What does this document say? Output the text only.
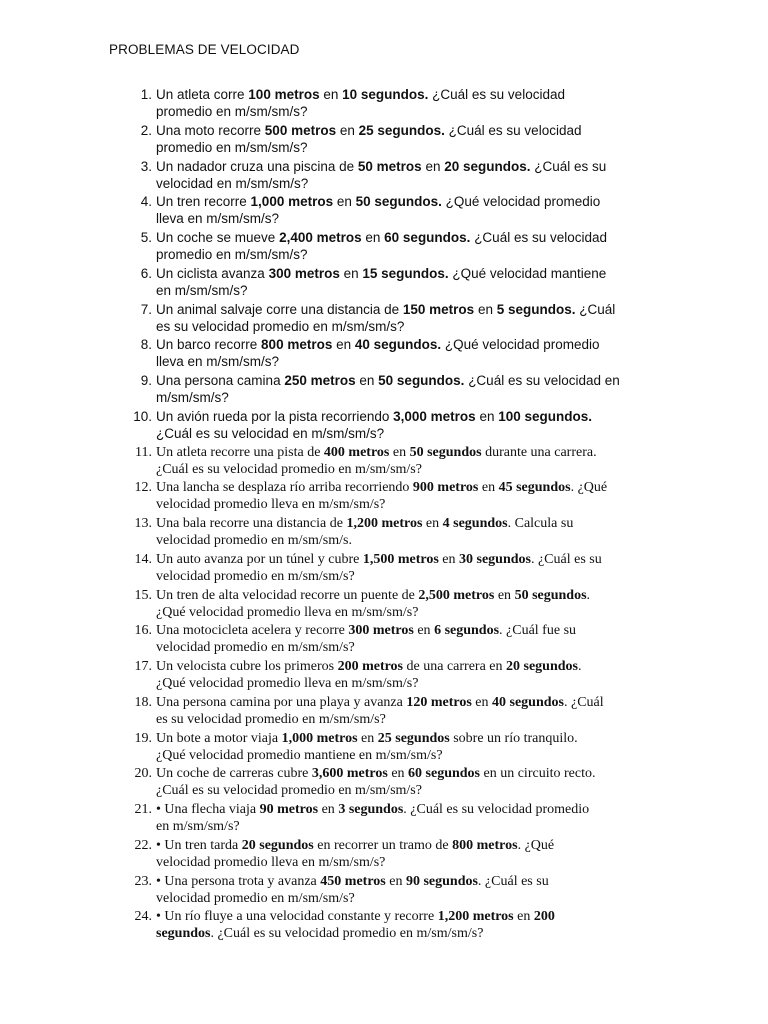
PROBLEMAS DE VELOCIDAD
1. Un atleta corre 100 metros en 10 segundos. ¿Cuál es su velocidad
promedio en m/sm/sm/s?
2. Una moto recorre 500 metros en 25 segundos. ¿Cuál es su velocidad
promedio en m/sm/sm/s?
3. Un nadador cruza una piscina de 50 metros en 20 segundos. ¿Cuál es su
velocidad en m/sm/sm/s?
4. Un tren recorre 1,000 metros en 50 segundos. ¿Qué velocidad promedio
lleva en m/sm/sm/s?
5. Un coche se mueve 2,400 metros en 60 segundos. ¿Cuál es su velocidad
promedio en m/sm/sm/s?
6. Un ciclista avanza 300 metros en 15 segundos. ¿Qué velocidad mantiene
en m/sm/sm/s?
7. Un animal salvaje corre una distancia de 150 metros en 5 segundos. ¿Cuál
es su velocidad promedio en m/sm/sm/s?
8. Un barco recorre 800 metros en 40 segundos. ¿Qué velocidad promedio
lleva en m/sm/sm/s?
9. Una persona camina 250 metros en 50 segundos. ¿Cuál es su velocidad en
m/sm/sm/s?
10. Un avión rueda por la pista recorriendo 3,000 metros en 100 segundos.
¿Cuál es su velocidad en m/sm/sm/s?
11. Un atleta recorre una pista de 400 metros en 50 segundos durante una carrera.
¿Cuál es su velocidad promedio en m/sm/sm/s?
12. Una lancha se desplaza río arriba recorriendo 900 metros en 45 segundos. ¿Qué
velocidad promedio lleva en m/sm/sm/s?
13. Una bala recorre una distancia de 1,200 metros en 4 segundos. Calcula su
velocidad promedio en m/sm/sm/s.
14. Un auto avanza por un túnel y cubre 1,500 metros en 30 segundos. ¿Cuál es su
velocidad promedio en m/sm/sm/s?
15. Un tren de alta velocidad recorre un puente de 2,500 metros en 50 segundos.
¿Qué velocidad promedio lleva en m/sm/sm/s?
16. Una motocicleta acelera y recorre 300 metros en 6 segundos. ¿Cuál fue su
velocidad promedio en m/sm/sm/s?
17. Un velocista cubre los primeros 200 metros de una carrera en 20 segundos.
¿Qué velocidad promedio lleva en m/sm/sm/s?
18. Una persona camina por una playa y avanza 120 metros en 40 segundos. ¿Cuál
es su velocidad promedio en m/sm/sm/s?
19. Un bote a motor viaja 1,000 metros en 25 segundos sobre un río tranquilo.
¿Qué velocidad promedio mantiene en m/sm/sm/s?
20. Un coche de carreras cubre 3,600 metros en 60 segundos en un circuito recto.
¿Cuál es su velocidad promedio en m/sm/sm/s?
21. • Una flecha viaja 90 metros en 3 segundos. ¿Cuál es su velocidad promedio
en m/sm/sm/s?
22. • Un tren tarda 20 segundos en recorrer un tramo de 800 metros. ¿Qué
velocidad promedio lleva en m/sm/sm/s?
23. • Una persona trota y avanza 450 metros en 90 segundos. ¿Cuál es su
velocidad promedio en m/sm/sm/s?
24. • Un río fluye a una velocidad constante y recorre 1,200 metros en 200
segundos. ¿Cuál es su velocidad promedio en m/sm/sm/s?
